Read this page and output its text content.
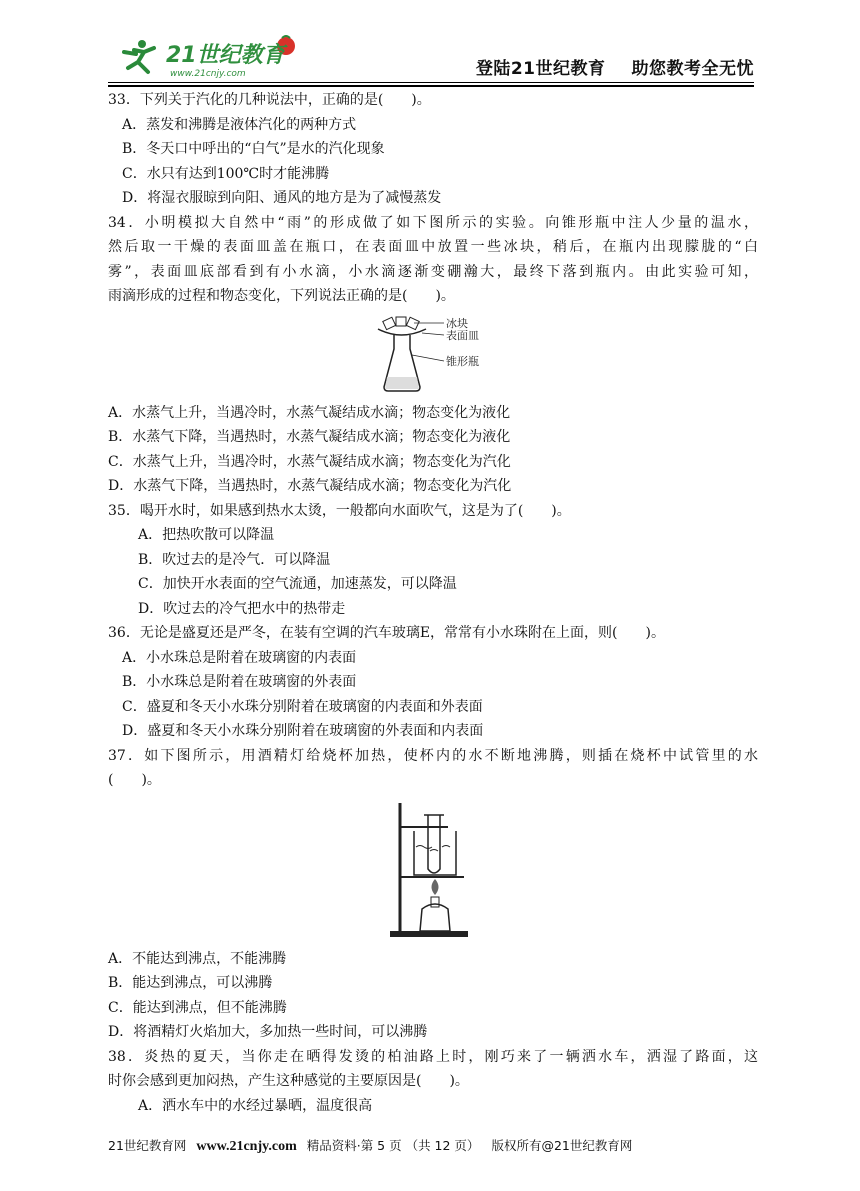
21世纪教育
www.21cnjy.com	登陆21世纪教育 助您教考全无忧
33．下列关于汽化的几种说法中，正确的是(　　)。
A．蒸发和沸腾是液体汽化的两种方式
B．冬天口中呼出的“白气”是水的汽化现象
C．水只有达到100℃时才能沸腾
D．将湿衣服晾到向阳、通风的地方是为了减慢蒸发
34．小明模拟大自然中“雨”的形成做了如下图所示的实验。向锥形瓶中注人少量的温水，
然后取一干燥的表面皿盖在瓶口，在表面皿中放置一些冰块，稍后，在瓶内出现朦胧的“白
雾”，表面皿底部看到有小水滴，小水滴逐渐变硼瀚大，最终下落到瓶内。由此实验可知，
雨滴形成的过程和物态变化，下列说法正确的是(　　)。
冰块
表面皿
锥形瓶
A．水蒸气上升，当遇冷时，水蒸气凝结成水滴；物态变化为液化
B．水蒸气下降，当遇热时，水蒸气凝结成水滴；物态变化为液化
C．水蒸气上升，当遇冷时，水蒸气凝结成水滴；物态变化为汽化
D．水蒸气下降，当遇热时，水蒸气凝结成水滴；物态变化为汽化
35．喝开水时，如果感到热水太烫，一般都向水面吹气，这是为了(　　)。
A．把热吹散可以降温
B．吹过去的是冷气．可以降温
C．加快开水表面的空气流通，加速蒸发，可以降温
D．吹过去的冷气把水中的热带走
36．无论是盛夏还是严冬，在装有空调的汽车玻璃E，常常有小水珠附在上面，则(　　)。
A．小水珠总是附着在玻璃窗的内表面
B．小水珠总是附着在玻璃窗的外表面
C．盛夏和冬天小水珠分别附着在玻璃窗的内表面和外表面
D．盛夏和冬天小水珠分别附着在玻璃窗的外表面和内表面
37．如下图所示，用酒精灯给烧杯加热，使杯内的水不断地沸腾，则插在烧杯中试管里的水
(　　)。
A．不能达到沸点，不能沸腾
B．能达到沸点，可以沸腾
C．能达到沸点，但不能沸腾
D．将酒精灯火焰加大，多加热一些时间，可以沸腾
38．炎热的夏天，当你走在晒得发烫的柏油路上时，刚巧来了一辆洒水车，洒湿了路面，这
时你会感到更加闷热，产生这种感觉的主要原因是(　　)。
A．洒水车中的水经过暴晒，温度很高
21世纪教育网 www.21cnjy.com 精品资料·第 5 页 （共 12 页） 版权所有@21世纪教育网
